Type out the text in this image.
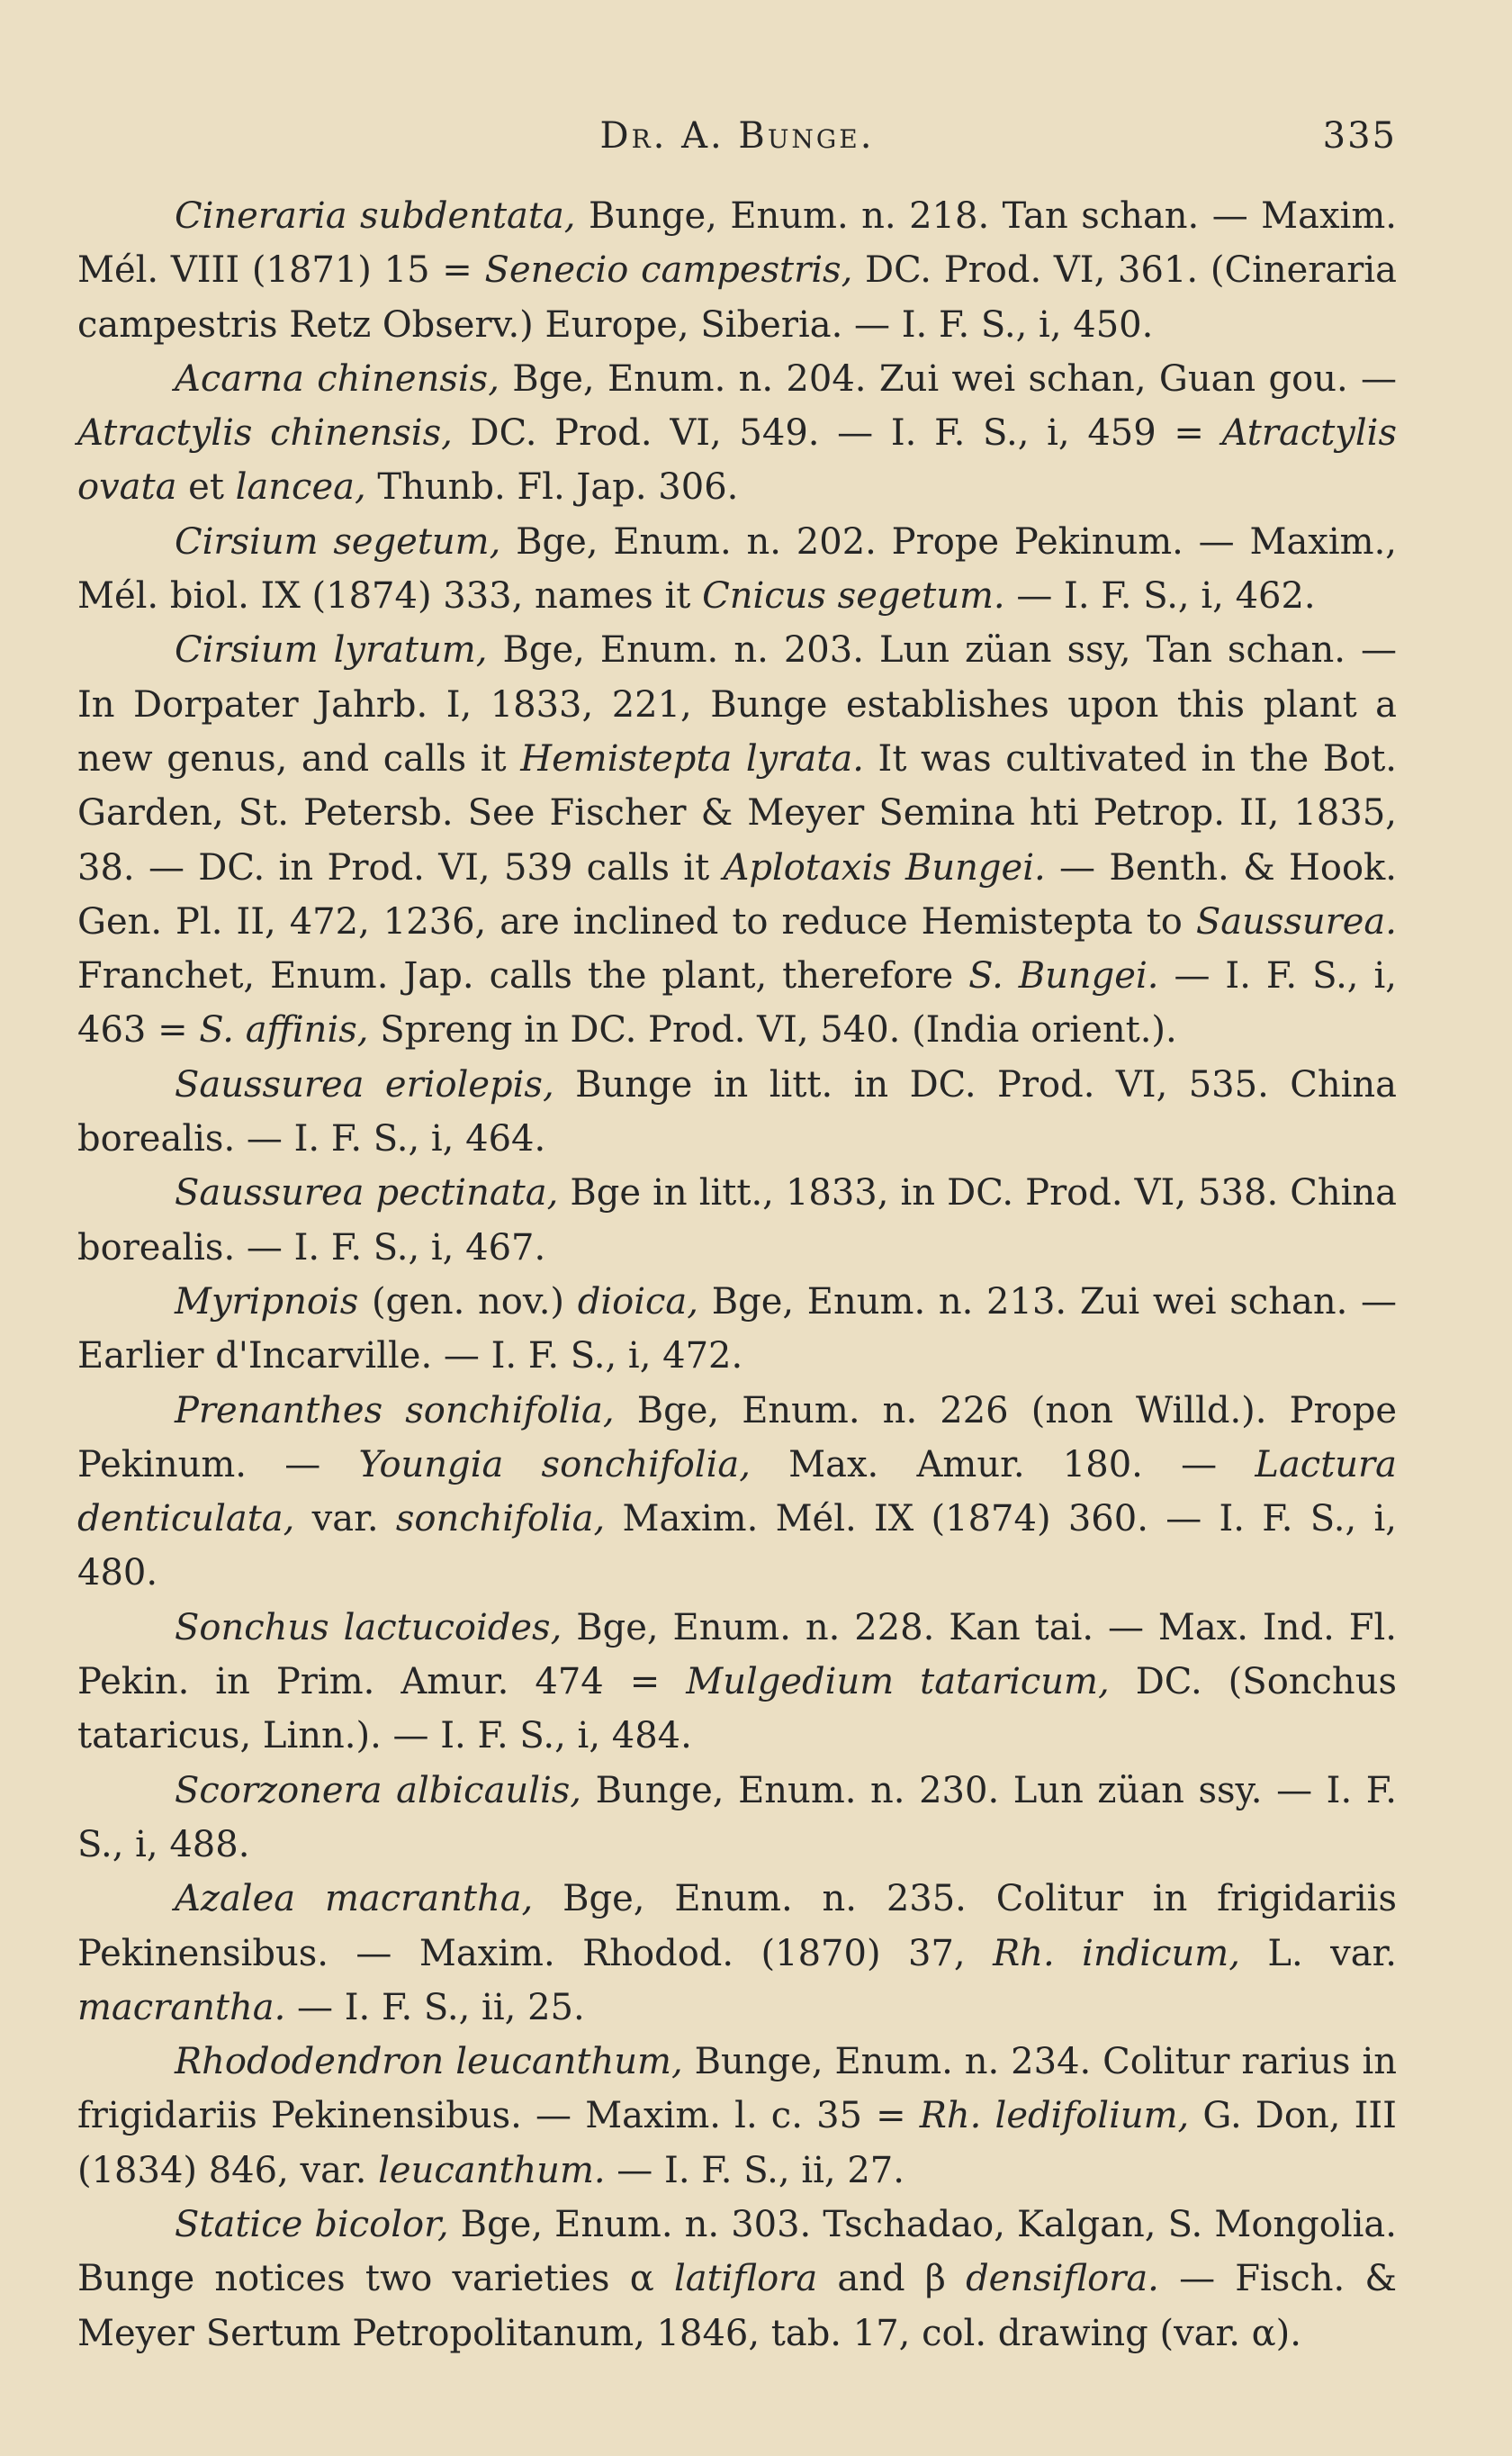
Dr. A. Bunge.	335

Cineraria subdentata, Bunge, Enum. n. 218. Tan schan. — Maxim. Mél. VIII (1871) 15 = Senecio campestris, DC. Prod. VI, 361. (Cineraria campestris Retz Observ.) Europe, Siberia. — I. F. S., i, 450.

Acarna chinensis, Bge, Enum. n. 204. Zui wei schan, Guan gou. — Atractylis chinensis, DC. Prod. VI, 549. — I. F. S., i, 459 = Atractylis ovata et lancea, Thunb. Fl. Jap. 306.

Cirsium segetum, Bge, Enum. n. 202. Prope Pekinum. — Maxim., Mél. biol. IX (1874) 333, names it Cnicus segetum. — I. F. S., i, 462.

Cirsium lyratum, Bge, Enum. n. 203. Lun züan ssy, Tan schan. — In Dorpater Jahrb. I, 1833, 221, Bunge establishes upon this plant a new genus, and calls it Hemistepta lyrata. It was cultivated in the Bot. Garden, St. Petersb. See Fischer & Meyer Semina hti Petrop. II, 1835, 38. — DC. in Prod. VI, 539 calls it Aplotaxis Bungei. — Benth. & Hook. Gen. Pl. II, 472, 1236, are inclined to reduce Hemistepta to Saussurea. Franchet, Enum. Jap. calls the plant, therefore S. Bungei. — I. F. S., i, 463 = S. affinis, Spreng in DC. Prod. VI, 540. (India orient.).

Saussurea eriolepis, Bunge in litt. in DC. Prod. VI, 535. China borealis. — I. F. S., i, 464.

Saussurea pectinata, Bge in litt., 1833, in DC. Prod. VI, 538. China borealis. — I. F. S., i, 467.

Myripnois (gen. nov.) dioica, Bge, Enum. n. 213. Zui wei schan. — Earlier d'Incarville. — I. F. S., i, 472.

Prenanthes sonchifolia, Bge, Enum. n. 226 (non Willd.). Prope Pekinum. — Youngia sonchifolia, Max. Amur. 180. — Lactura denticulata, var. sonchifolia, Maxim. Mél. IX (1874) 360. — I. F. S., i, 480.

Sonchus lactucoides, Bge, Enum. n. 228. Kan tai. — Max. Ind. Fl. Pekin. in Prim. Amur. 474 = Mulgedium tataricum, DC. (Sonchus tataricus, Linn.). — I. F. S., i, 484.

Scorzonera albicaulis, Bunge, Enum. n. 230. Lun züan ssy. — I. F. S., i, 488.

Azalea macrantha, Bge, Enum. n. 235. Colitur in frigidariis Pekinensibus. — Maxim. Rhodod. (1870) 37, Rh. indicum, L. var. macrantha. — I. F. S., ii, 25.

Rhododendron leucanthum, Bunge, Enum. n. 234. Colitur rarius in frigidariis Pekinensibus. — Maxim. l. c. 35 = Rh. ledifolium, G. Don, III (1834) 846, var. leucanthum. — I. F. S., ii, 27.

Statice bicolor, Bge, Enum. n. 303. Tschadao, Kalgan, S. Mongolia. Bunge notices two varieties α latiflora and β densiflora. — Fisch. & Meyer Sertum Petropolitanum, 1846, tab. 17, col. drawing (var. α).
